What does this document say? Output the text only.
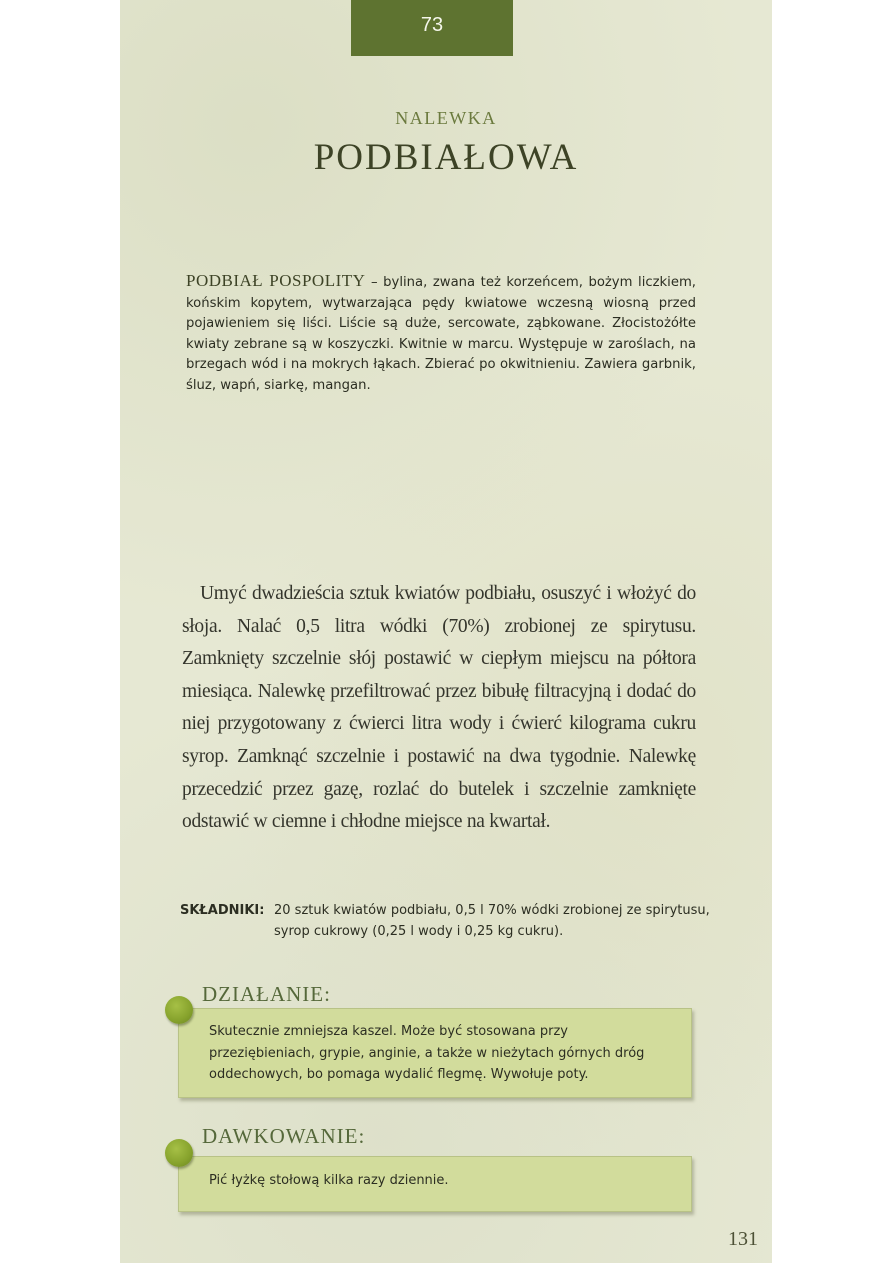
73
NALEWKA
PODBIAŁOWA
PODBIAŁ POSPOLITY – bylina, zwana też korzeńcem, bożym liczkiem, końskim kopytem, wytwarzająca pędy kwiatowe wczesną wiosną przed pojawieniem się liści. Liście są duże, sercowate, ząbkowane. Złocistożółte kwiaty zebrane są w koszyczki. Kwitnie w marcu. Występuje w zaroślach, na brzegach wód i na mokrych łąkach. Zbierać po okwitnieniu. Zawiera garbnik, śluz, wapń, siarkę, mangan.
Umyć dwadzieścia sztuk kwiatów podbiału, osuszyć i włożyć do słoja. Nalać 0,5 litra wódki (70%) zrobionej ze spirytusu. Zamknięty szczelnie słój postawić w ciepłym miejscu na półtora miesiąca. Nalewkę przefiltrować przez bibułę filtracyjną i dodać do niej przygotowany z ćwierci litra wody i ćwierć kilograma cukru syrop. Zamknąć szczelnie i postawić na dwa tygodnie. Nalewkę przecedzić przez gazę, rozlać do butelek i szczelnie zamknięte odstawić w ciemne i chłodne miejsce na kwartał.
SKŁADNIKI: 20 sztuk kwiatów podbiału, 0,5 l 70% wódki zrobionej ze spirytusu, syrop cukrowy (0,25 l wody i 0,25 kg cukru).
DZIAŁANIE:
Skutecznie zmniejsza kaszel. Może być stosowana przy przeziębieniach, grypie, anginie, a także w nieżytach górnych dróg oddechowych, bo pomaga wydalić flegmę. Wywołuje poty.
DAWKOWANIE:
Pić łyżkę stołową kilka razy dziennie.
131
